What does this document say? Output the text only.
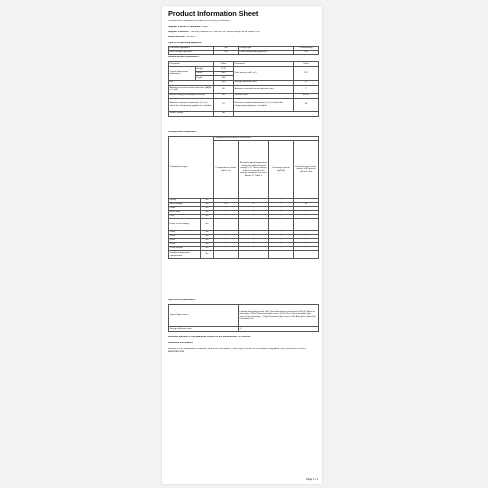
Product Information Sheet
COMMISSION DELEGATED REGULATION (EU) 2019/2016
Supplier's name or trademark: Sharp
Supplier's address: Thai Ddy Parkesin Ch. 4ntb Ro. 60, 49068 Neuilly, Ile de France, FR
Model identifier: SJ5105X
Type of refrigerating appliance:
Low-noise appliance	No	Design type	Freestanding
Wine storage appliance	No	Other refrigerating appliance	Yes
General product parameters:
Parameter		Value	Parameter	Value
Overall dimensions (millimetre)	Height	1270	Total volume (dm³ or l)	187
	Width	600		
	Depth	665		
EEI		100	Energy efficiency class	E
Airborne acoustical noise emissions (dB(A) re 1 pW)		40	Airborne acoustical noise emission class	C
Annual energy consumption (kWh/a)		243	Climate class:	SN-ST
Minimum ambient temperature (°C), for which the refrigerating appliance is suitable		10	Maximum ambient temperature (°C), for which the refrigerating appliance is suitable	38
Winter setting		No		
Compartment Parameters:
Compartment type		Compartment parameters and values			
		Compartment volume (dm³ or l)	Recommended temperature setting for optimised food storage (°C) These settings shall not contradict the storage conditions set out in Annex IV, Table 3	Freezing capacity (kg/24h)	Defrosting type (auto-defrost = A, manual defrost = M)
Pantry	No	-	-	-	-
Wine storage	No	187	12	-	A
Cellar	No	-	-	-	-
Fresh food	No	-	-	-	-
Chill	No	-	-	-	-
0-star or ice-making	No	-	-	-	-
1-star	No	-	-	-	-
2-star	No	-	-	-	-
3-star	No	-	-	-	-
4-star	No	-	-	-	-
2-star section	No	-	-	-	-
Variable temperature compartment	No	-	-	-	-
Light source parameters:
Type of light source	Lighting technology used: LED; Non-directional or directional: NDLS; Mains or non-mains: MLS; Connected light source (CLS): No; Colour-tuneable light source: No; Envelope: -; High luminance light source: No; Anti-glare shield: No; Dimmable: No
Energy efficiency class	G
Minimum duration of the guarantee offered by the manufacturer: 24 months
Additional information:
Weblink to the manufacturer's website, where the information in point 4(a) of Annex of Commission Regulation (EU) 2019/2016 is found: www.sharp.com
Page 1 / 1
